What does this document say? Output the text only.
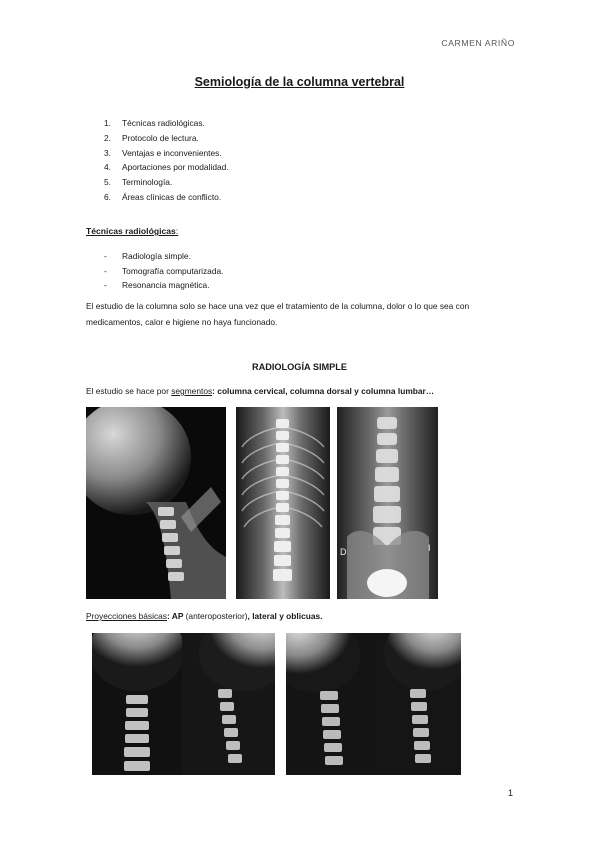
CARMEN ARIÑO
Semiología de la columna vertebral
1. Técnicas radiológicas.
2. Protocolo de lectura.
3. Ventajas e inconvenientes.
4. Aportaciones por modalidad.
5. Terminología.
6. Áreas clínicas de conflicto.
Técnicas radiológicas:
- Radiología simple.
- Tomografía computarizada.
- Resonancia magnética.
El estudio de la columna solo se hace una vez que el tratamiento de la columna, dolor o lo que sea con medicamentos, calor e higiene no haya funcionado.
RADIOLOGÍA SIMPLE
El estudio se hace por segmentos: columna cervical, columna dorsal y columna lumbar…
D	I
Proyecciones básicas: AP (anteroposterior), lateral y oblicuas.
1
